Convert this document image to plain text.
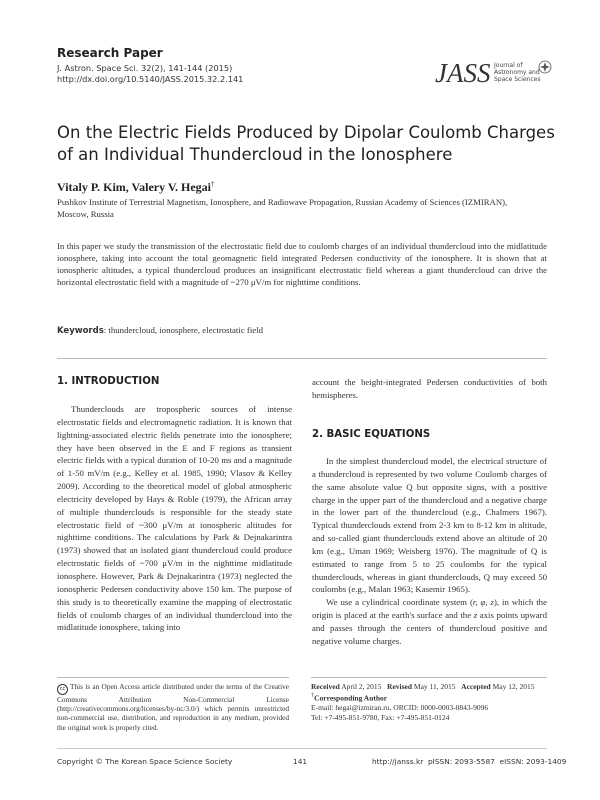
Research Paper
J. Astron. Space Sci. 32(2), 141-144 (2015)
http://dx.doi.org/10.5140/JASS.2015.32.2.141	JASS Journal of
Astronomy and
Space Sciences
On the Electric Fields Produced by Dipolar Coulomb Charges
of an Individual Thundercloud in the Ionosphere
Vitaly P. Kim, Valery V. Hegai†
Pushkov Institute of Terrestrial Magnetism, Ionosphere, and Radiowave Propagation, Russian Academy of Sciences (IZMIRAN),
Moscow, Russia
In this paper we study the transmission of the electrostatic field due to coulomb charges of an individual thundercloud into the midlatitude ionosphere, taking into account the total geomagnetic field integrated Pedersen conductivity of the ionosphere. It is shown that at ionospheric altitudes, a typical thundercloud produces an insignificant electrostatic field whereas a giant thundercloud can drive the horizontal electrostatic field with a magnitude of ~270 μV/m for nighttime conditions.
Keywords: thundercloud, ionosphere, electrostatic field
1. INTRODUCTION

Thunderclouds are tropospheric sources of intense electrostatic fields and electromagnetic radiation. It is known that lightning-associated electric fields penetrate into the ionosphere; they have been observed in the E and F regions as transient electric fields with a typical duration of 10-20 ms and a magnitude of 1-50 mV/m (e.g., Kelley et al. 1985, 1990; Vlasov & Kelley 2009). According to the theoretical model of global atmospheric electricity developed by Hays & Roble (1979), the African array of multiple thunderclouds is responsible for the steady state electrostatic field of ~300 μV/m at ionospheric altitudes for nighttime conditions. The calculations by Park & Dejnakarintra (1973) showed that an isolated giant thundercloud could produce electrostatic fields of ~700 μV/m in the nighttime midlatitude ionosphere. However, Park & Dejnakarintra (1973) neglected the ionospheric Pedersen conductivity above 150 km. The purpose of this study is to theoretically examine the mapping of electrostatic fields of coulomb charges of an individual thundercloud into the midlatitude ionosphere, taking into

account the height-integrated Pedersen conductivities of both hemispheres.

2. BASIC EQUATIONS

In the simplest thundercloud model, the electrical structure of a thundercloud is represented by two volume Coulomb charges of the same absolute value Q but opposite signs, with a positive charge in the upper part of the thundercloud and a negative charge in the lower part of the thundercloud (e.g., Chalmers 1967). Typical thunderclouds extend from 2-3 km to 8-12 km in altitude, and so-called giant thunderclouds extend above an altitude of 20 km (e.g., Uman 1969; Weisberg 1976). The magnitude of Q is estimated to range from 5 to 25 coulombs for the typical thunderclouds, whereas in giant thunderclouds, Q may exceed 50 coulombs (e.g., Malan 1963; Kasemir 1965).

We use a cylindrical coordinate system (r, φ, z), in which the origin is placed at the earth's surface and the z axis points upward and passes through the centers of thundercloud positive and negative volume charges.

cc This is an Open Access article distributed under the terms of the Creative Commons Attribution Non-Commercial License (http://creativecommons.org/licenses/by-nc/3.0/) which permits unrestricted non-commercial use, distribution, and reproduction in any medium, provided the original work is properly cited.
Received April 2, 2015 Revised May 11, 2015 Accepted May 12, 2015
†Corresponding Author
E-mail: hegai@izmiran.ru, ORCID: 0000-0003-0843-9096
Tel: +7-495-851-9780, Fax: +7-495-851-0124
Copyright © The Korean Space Science Society	141	http://janss.kr  pISSN: 2093-5587  eISSN: 2093-1409
